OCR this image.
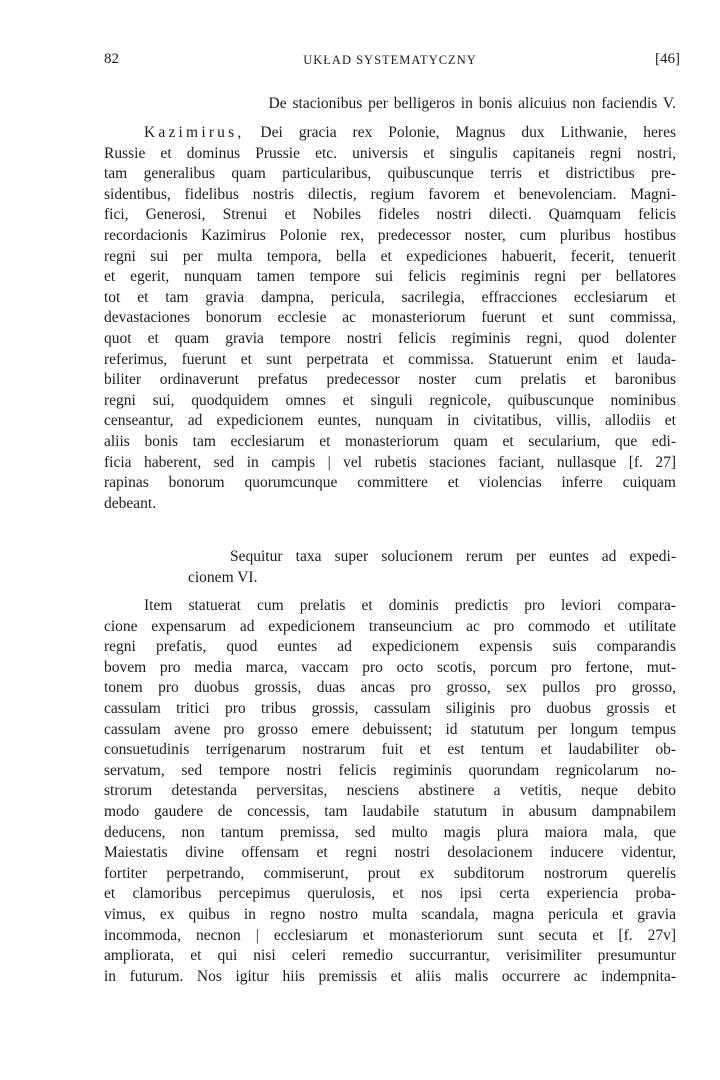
82	UKŁAD SYSTEMATYCZNY	[46]
De stacionibus per belligeros in bonis alicuius non faciendis V.
Kazimirus, Dei gracia rex Polonie, Magnus dux Lithwanie, heres
Russie et dominus Prussie etc. universis et singulis capitaneis regni nostri,
tam generalibus quam particularibus, quibuscunque terris et districtibus pre-
sidentibus, fidelibus nostris dilectis, regium favorem et benevolenciam. Magni-
fici, Generosi, Strenui et Nobiles fideles nostri dilecti. Quamquam felicis
recordacionis Kazimirus Polonie rex, predecessor noster, cum pluribus hostibus
regni sui per multa tempora, bella et expediciones habuerit, fecerit, tenuerit
et egerit, nunquam tamen tempore sui felicis regiminis regni per bellatores
tot et tam gravia dampna, pericula, sacrilegia, effracciones ecclesiarum et
devastaciones bonorum ecclesie ac monasteriorum fuerunt et sunt commissa,
quot et quam gravia tempore nostri felicis regiminis regni, quod dolenter
referimus, fuerunt et sunt perpetrata et commissa. Statuerunt enim et lauda-
biliter ordinaverunt prefatus predecessor noster cum prelatis et baronibus
regni sui, quodquidem omnes et singuli regnicole, quibuscunque nominibus
censeantur, ad expedicionem euntes, nunquam in civitatibus, villis, allodiis et
aliis bonis tam ecclesiarum et monasteriorum quam et secularium, que edi-
ficia haberent, sed in campis | vel rubetis staciones faciant, nullasque [f. 27]
rapinas bonorum quorumcunque committere et violencias inferre cuiquam
debeant.
Sequitur taxa super solucionem rerum per euntes ad expedi-
cionem VI.
Item statuerat cum prelatis et dominis predictis pro leviori compara-
cione expensarum ad expedicionem transeuncium ac pro commodo et utilitate
regni prefatis, quod euntes ad expedicionem expensis suis comparandis
bovem pro media marca, vaccam pro octo scotis, porcum pro fertone, mut-
tonem pro duobus grossis, duas ancas pro grosso, sex pullos pro grosso,
cassulam tritici pro tribus grossis, cassulam siliginis pro duobus grossis et
cassulam avene pro grosso emere debuissent; id statutum per longum tempus
consuetudinis terrigenarum nostrarum fuit et est tentum et laudabiliter ob-
servatum, sed tempore nostri felicis regiminis quorundam regnicolarum no-
strorum detestanda perversitas, nesciens abstinere a vetitis, neque debito
modo gaudere de concessis, tam laudabile statutum in abusum dampnabilem
deducens, non tantum premissa, sed multo magis plura maiora mala, que
Maiestatis divine offensam et regni nostri desolacionem inducere videntur,
fortiter perpetrando, commiserunt, prout ex subditorum nostrorum querelis
et clamoribus percepimus querulosis, et nos ipsi certa experiencia proba-
vimus, ex quibus in regno nostro multa scandala, magna pericula et gravia
incommoda, necnon | ecclesiarum et monasteriorum sunt secuta et [f. 27v]
ampliorata, et qui nisi celeri remedio succurrantur, verisimiliter presumuntur
in futurum. Nos igitur hiis premissis et aliis malis occurrere ac indempnita-
